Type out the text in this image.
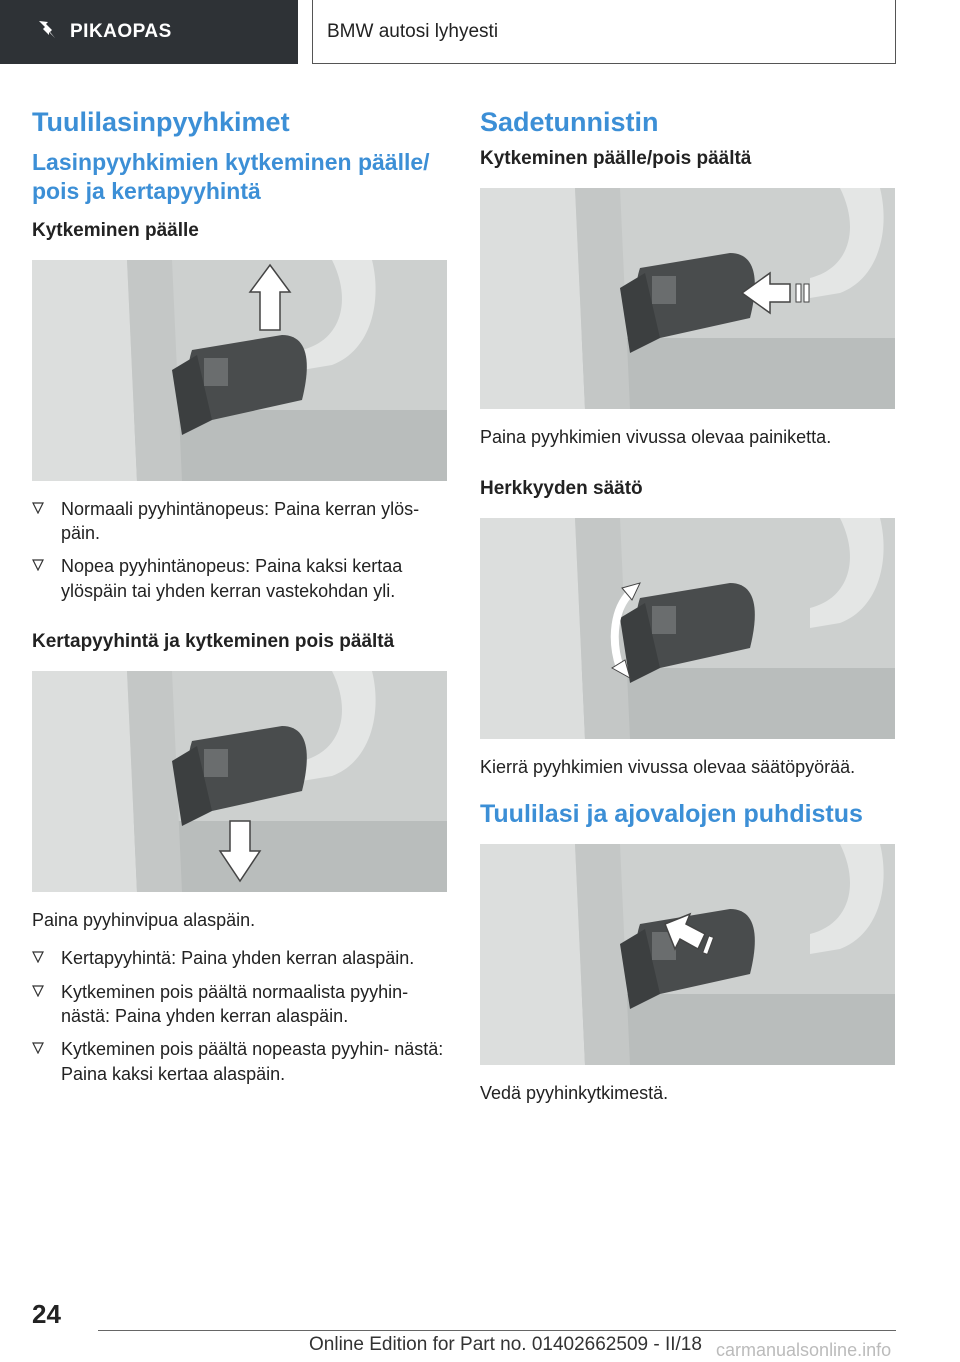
PIKAOPAS	BMW autosi lyhyesti
Tuulilasinpyyhkimet
Lasinpyyhkimien kytkeminen päälle/ pois ja kertapyyhintä
Kytkeminen päälle
Normaali pyyhintänopeus: Paina kerran ylös- päin.
Nopea pyyhintänopeus: Paina kaksi kertaa ylöspäin tai yhden kerran vastekohdan yli.
Kertapyyhintä ja kytkeminen pois päältä

Paina pyyhinvipua alaspäin.

Kertapyyhintä: Paina yhden kerran alaspäin.
Kytkeminen pois päältä normaalista pyyhin- nästä: Paina yhden kerran alaspäin.
Kytkeminen pois päältä nopeasta pyyhin- nästä: Paina kaksi kertaa alaspäin.
Sadetunnistin
Kytkeminen päälle/pois päältä

Paina pyyhkimien vivussa olevaa painiketta.

Herkkyyden säätö

Kierrä pyyhkimien vivussa olevaa säätöpyörää.

Tuulilasi ja ajovalojen puhdistus

Vedä pyyhinkytkimestä.

24
Online Edition for Part no. 01402662509 - II/18 carmanualsonline.info
